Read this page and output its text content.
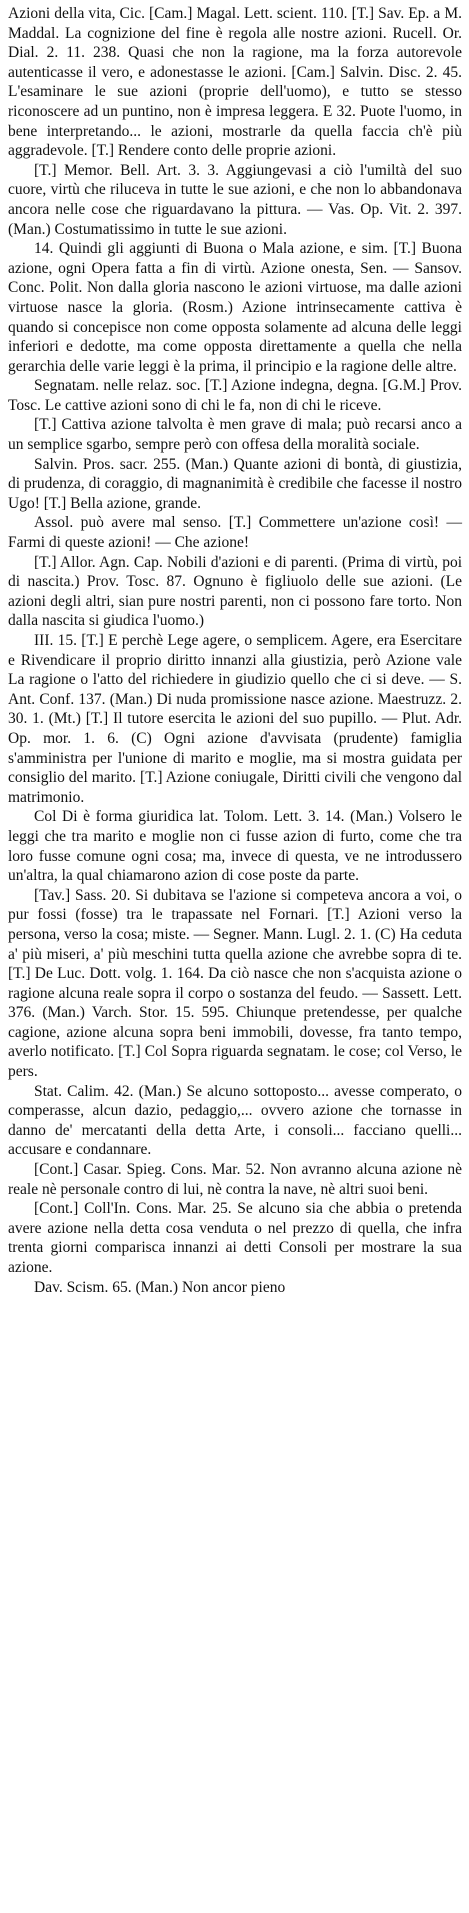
Azioni della vita, Cic. [Cam.] Magal. Lett. scient. 110. [T.] Sav. Ep. a M. Maddal. La cognizione del fine è regola alle nostre azioni. Rucell. Or. Dial. 2. 11. 238. Quasi che non la ragione, ma la forza autorevole autenticasse il vero, e adonestasse le azioni. [Cam.] Salvin. Disc. 2. 45. L'esaminare le sue azioni (proprie dell'uomo), e tutto se stesso riconoscere ad un puntino, non è impresa leggera. E 32. Puote l'uomo, in bene interpretando... le azioni, mostrarle da quella faccia ch'è più aggradevole. [T.] Rendere conto delle proprie azioni.

[T.] Memor. Bell. Art. 3. 3. Aggiungevasi a ciò l'umiltà del suo cuore, virtù che riluceva in tutte le sue azioni, e che non lo abbandonava ancora nelle cose che riguardavano la pittura. — Vas. Op. Vit. 2. 397. (Man.) Costumatissimo in tutte le sue azioni.

14. Quindi gli aggiunti di Buona o Mala azione, e sim. [T.] Buona azione, ogni Opera fatta a fin di virtù. Azione onesta, Sen. — Sansov. Conc. Polit. Non dalla gloria nascono le azioni virtuose, ma dalle azioni virtuose nasce la gloria. (Rosm.) Azione intrinsecamente cattiva è quando si concepisce non come opposta solamente ad alcuna delle leggi inferiori e dedotte, ma come opposta direttamente a quella che nella gerarchia delle varie leggi è la prima, il principio e la ragione delle altre.

Segnatam. nelle relaz. soc. [T.] Azione indegna, degna. [G.M.] Prov. Tosc. Le cattive azioni sono di chi le fa, non di chi le riceve.

[T.] Cattiva azione talvolta è men grave di mala; può recarsi anco a un semplice sgarbo, sempre però con offesa della moralità sociale.

Salvin. Pros. sacr. 255. (Man.) Quante azioni di bontà, di giustizia, di prudenza, di coraggio, di magnanimità è credibile che facesse il nostro Ugo! [T.] Bella azione, grande.

Assol. può avere mal senso. [T.] Commettere un'azione così! — Farmi di queste azioni! — Che azione!

[T.] Allor. Agn. Cap. Nobili d'azioni e di parenti. (Prima di virtù, poi di nascita.) Prov. Tosc. 87. Ognuno è figliuolo delle sue azioni. (Le azioni degli altri, sian pure nostri parenti, non ci possono fare torto. Non dalla nascita si giudica l'uomo.)

III. 15. [T.] E perchè Lege agere, o semplicem. Agere, era Esercitare e Rivendicare il proprio diritto innanzi alla giustizia, però Azione vale La ragione o l'atto del richiedere in giudizio quello che ci si deve. — S. Ant. Conf. 137. (Man.) Di nuda promissione nasce azione. Maestruzz. 2. 30. 1. (Mt.) [T.] Il tutore esercita le azioni del suo pupillo. — Plut. Adr. Op. mor. 1. 6. (C) Ogni azione d'avvisata (prudente) famiglia s'amministra per l'unione di marito e moglie, ma si mostra guidata per consiglio del marito. [T.] Azione coniugale, Diritti civili che vengono dal matrimonio.

Col Di è forma giuridica lat. Tolom. Lett. 3. 14. (Man.) Volsero le leggi che tra marito e moglie non ci fusse azion di furto, come che tra loro fusse comune ogni cosa; ma, invece di questa, ve ne introdussero un'altra, la qual chiamarono azion di cose poste da parte.

[Tav.] Sass. 20. Si dubitava se l'azione si competeva ancora a voi, o pur fossi (fosse) tra le trapassate nel Fornari. [T.] Azioni verso la persona, verso la cosa; miste. — Segner. Mann. Lugl. 2. 1. (C) Ha ceduta a' più miseri, a' più meschini tutta quella azione che avrebbe sopra di te. [T.] De Luc. Dott. volg. 1. 164. Da ciò nasce che non s'acquista azione o ragione alcuna reale sopra il corpo o sostanza del feudo. — Sassett. Lett. 376. (Man.) Varch. Stor. 15. 595. Chiunque pretendesse, per qualche cagione, azione alcuna sopra beni immobili, dovesse, fra tanto tempo, averlo notificato. [T.] Col Sopra riguarda segnatam. le cose; col Verso, le pers.

Stat. Calim. 42. (Man.) Se alcuno sottoposto... avesse comperato, o comperasse, alcun dazio, pedaggio,... ovvero azione che tornasse in danno de' mercatanti della detta Arte, i consoli... facciano quelli... accusare e condannare.

[Cont.] Casar. Spieg. Cons. Mar. 52. Non avranno alcuna azione nè reale nè personale contro di lui, nè contra la nave, nè altri suoi beni.

[Cont.] Coll'In. Cons. Mar. 25. Se alcuno sia che abbia o pretenda avere azione nella detta cosa venduta o nel prezzo di quella, che infra trenta giorni comparisca innanzi ai detti Consoli per mostrare la sua azione.

Dav. Scism. 65. (Man.) Non ancor pieno
